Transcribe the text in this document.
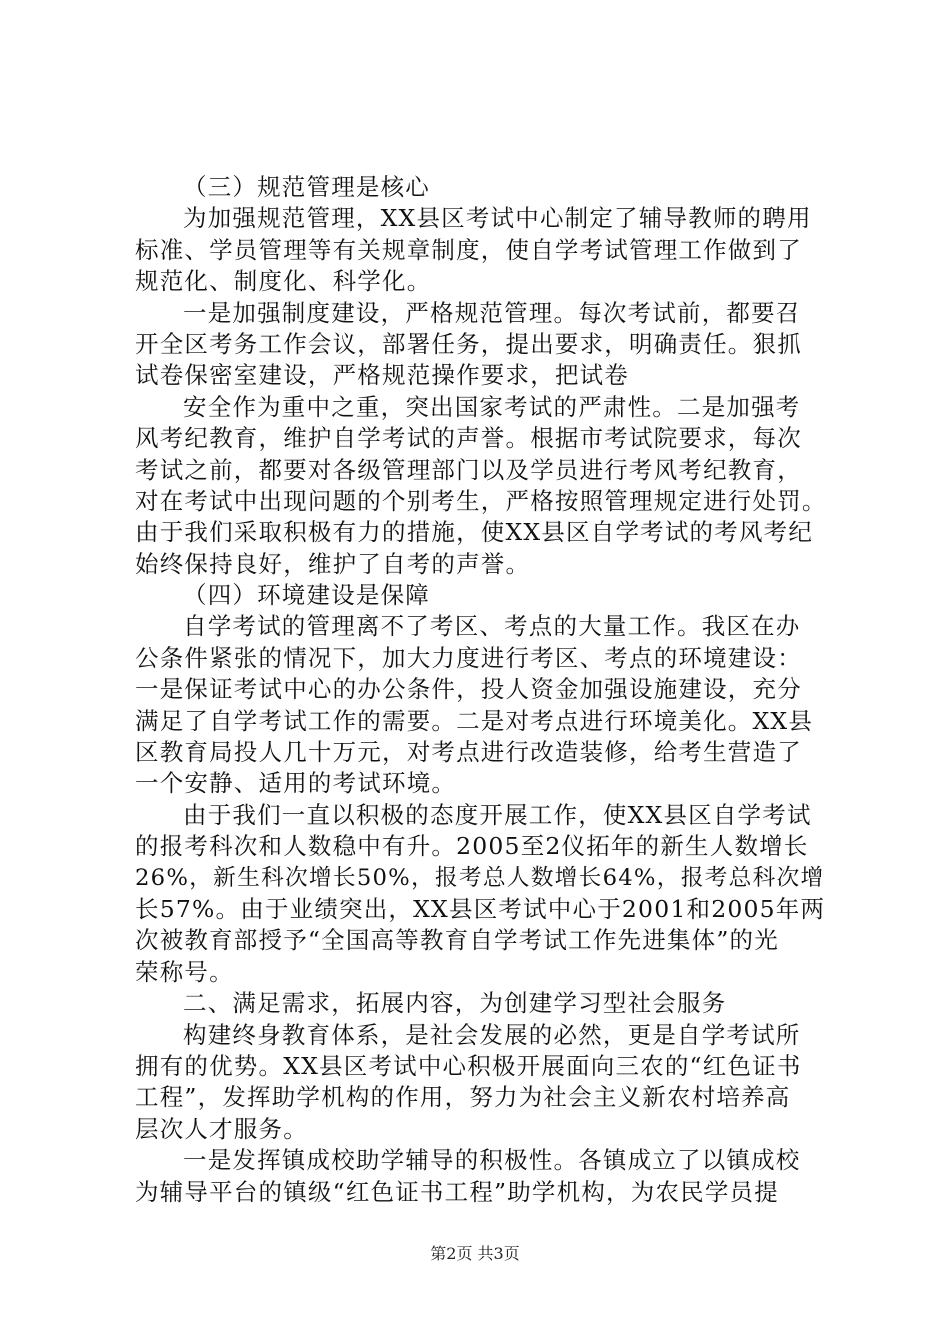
（三）规范管理是核心
为加强规范管理，XX县区考试中心制定了辅导教师的聘用
标准、学员管理等有关规章制度，使自学考试管理工作做到了
规范化、制度化、科学化。
一是加强制度建设，严格规范管理。每次考试前，都要召
开全区考务工作会议，部署任务，提出要求，明确责任。狠抓
试卷保密室建设，严格规范操作要求，把试卷
安全作为重中之重，突出国家考试的严肃性。二是加强考
风考纪教育，维护自学考试的声誉。根据市考试院要求，每次
考试之前，都要对各级管理部门以及学员进行考风考纪教育，
对在考试中出现问题的个别考生，严格按照管理规定进行处罚。
由于我们采取积极有力的措施，使XX县区自学考试的考风考纪
始终保持良好，维护了自考的声誉。
（四）环境建设是保障
自学考试的管理离不了考区、考点的大量工作。我区在办
公条件紧张的情况下，加大力度进行考区、考点的环境建设：
一是保证考试中心的办公条件，投人资金加强设施建设，充分
满足了自学考试工作的需要。二是对考点进行环境美化。XX县
区教育局投人几十万元，对考点进行改造装修，给考生营造了
一个安静、适用的考试环境。
由于我们一直以积极的态度开展工作，使XX县区自学考试
的报考科次和人数稳中有升。2005至2仪拓年的新生人数增长
26%，新生科次增长50%，报考总人数增长64%，报考总科次增
长57%。由于业绩突出，XX县区考试中心于2001和2005年两
次被教育部授予“全国高等教育自学考试工作先进集体”的光
荣称号。
二、满足需求，拓展内容，为创建学习型社会服务
构建终身教育体系，是社会发展的必然，更是自学考试所
拥有的优势。XX县区考试中心积极开展面向三农的“红色证书
工程”，发挥助学机构的作用，努力为社会主义新农村培养高
层次人才服务。
一是发挥镇成校助学辅导的积极性。各镇成立了以镇成校
为辅导平台的镇级“红色证书工程”助学机构，为农民学员提
第2页 共3页
